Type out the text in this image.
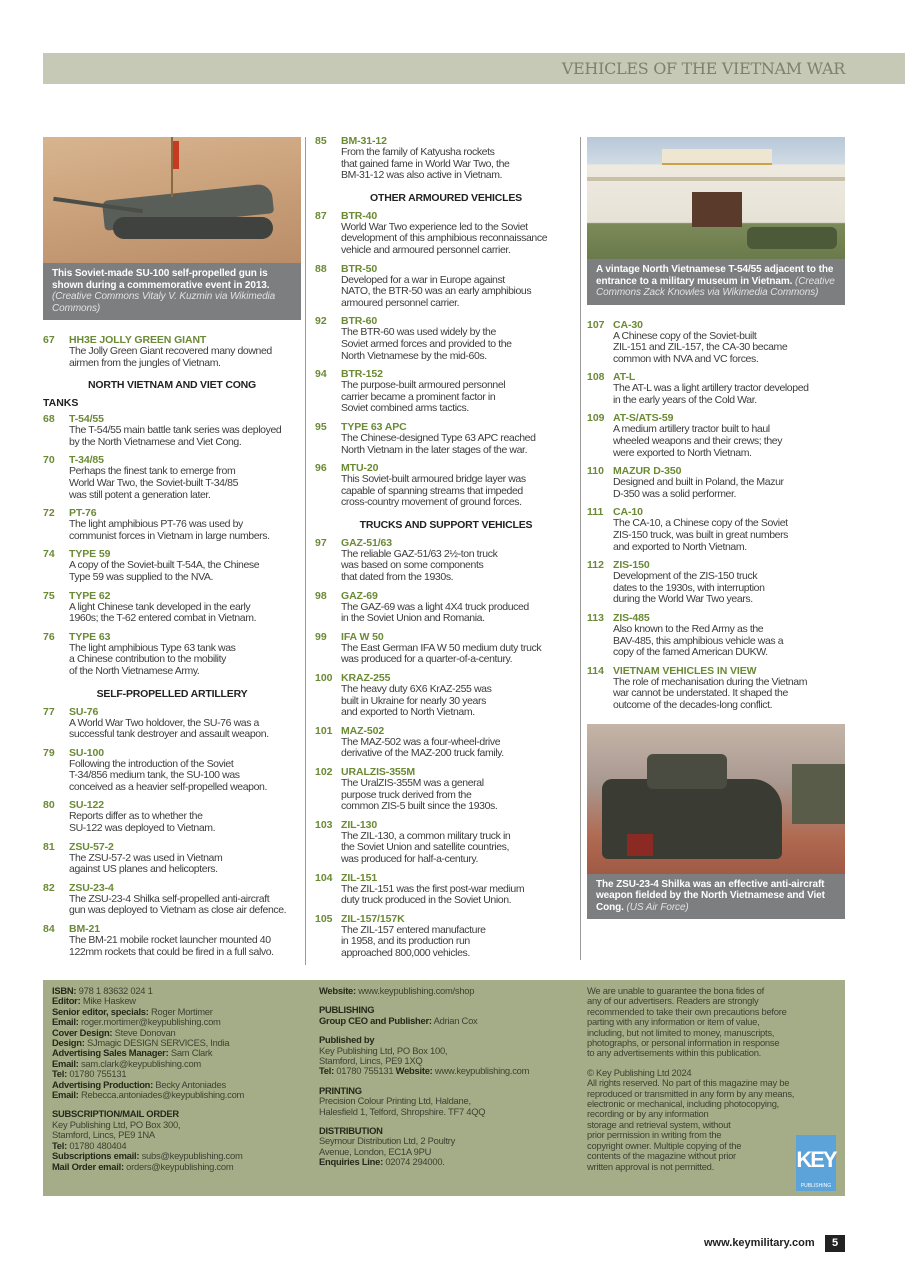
VEHICLES OF THE VIETNAM WAR
This Soviet-made SU-100 self-propelled gun is shown during a commemorative event in 2013. (Creative Commons Vitaly V. Kuzmin via Wikimedia Commons)
67 HH3E JOLLY GREEN GIANT
The Jolly Green Giant recovered many downed
airmen from the jungles of Vietnam.
NORTH VIETNAM AND VIET CONG
TANKS
68 T-54/55
The T-54/55 main battle tank series was deployed
by the North Vietnamese and Viet Cong.
70 T-34/85
Perhaps the finest tank to emerge from
World War Two, the Soviet-built T-34/85
was still potent a generation later.
72 PT-76
The light amphibious PT-76 was used by
communist forces in Vietnam in large numbers.
74 TYPE 59
A copy of the Soviet-built T-54A, the Chinese
Type 59 was supplied to the NVA.
75 TYPE 62
A light Chinese tank developed in the early
1960s; the T-62 entered combat in Vietnam.
76 TYPE 63
The light amphibious Type 63 tank was
a Chinese contribution to the mobility
of the North Vietnamese Army.
SELF-PROPELLED ARTILLERY
77 SU-76
A World War Two holdover, the SU-76 was a
successful tank destroyer and assault weapon.
79 SU-100
Following the introduction of the Soviet
T-34/856 medium tank, the SU-100 was
conceived as a heavier self-propelled weapon.
80 SU-122
Reports differ as to whether the
SU-122 was deployed to Vietnam.
81 ZSU-57-2
The ZSU-57-2 was used in Vietnam
against US planes and helicopters.
82 ZSU-23-4
The ZSU-23-4 Shilka self-propelled anti-aircraft
gun was deployed to Vietnam as close air defence.
84 BM-21
The BM-21 mobile rocket launcher mounted 40
122mm rockets that could be fired in a full salvo.
85 BM-31-12
From the family of Katyusha rockets
that gained fame in World War Two, the
BM-31-12 was also active in Vietnam.
OTHER ARMOURED VEHICLES
87 BTR-40
World War Two experience led to the Soviet
development of this amphibious reconnaissance
vehicle and armoured personnel carrier.
88 BTR-50
Developed for a war in Europe against
NATO, the BTR-50 was an early amphibious
armoured personnel carrier.
92 BTR-60
The BTR-60 was used widely by the
Soviet armed forces and provided to the
North Vietnamese by the mid-60s.
94 BTR-152
The purpose-built armoured personnel
carrier became a prominent factor in
Soviet combined arms tactics.
95 TYPE 63 APC
The Chinese-designed Type 63 APC reached
North Vietnam in the later stages of the war.
96 MTU-20
This Soviet-built armoured bridge layer was
capable of spanning streams that impeded
cross-country movement of ground forces.
TRUCKS AND SUPPORT VEHICLES
97 GAZ-51/63
The reliable GAZ-51/63 2½-ton truck
was based on some components
that dated from the 1930s.
98 GAZ-69
The GAZ-69 was a light 4X4 truck produced
in the Soviet Union and Romania.
99 IFA W 50
The East German IFA W 50 medium duty truck
was produced for a quarter-of-a-century.
100 KRAZ-255
The heavy duty 6X6 KrAZ-255 was
built in Ukraine for nearly 30 years
and exported to North Vietnam.
101 MAZ-502
The MAZ-502 was a four-wheel-drive
derivative of the MAZ-200 truck family.
102 URALZIS-355M
The UralZIS-355M was a general
purpose truck derived from the
common ZIS-5 built since the 1930s.
103 ZIL-130
The ZIL-130, a common military truck in
the Soviet Union and satellite countries,
was produced for half-a-century.
104 ZIL-151
The ZIL-151 was the first post-war medium
duty truck produced in the Soviet Union.
105 ZIL-157/157K
The ZIL-157 entered manufacture
in 1958, and its production run
approached 800,000 vehicles.
A vintage North Vietnamese T-54/55 adjacent to the entrance to a military museum in Vietnam. (Creative Commons Zack Knowles via Wikimedia Commons)
107 CA-30
A Chinese copy of the Soviet-built
ZIL-151 and ZIL-157, the CA-30 became
common with NVA and VC forces.
108 AT-L
The AT-L was a light artillery tractor developed
in the early years of the Cold War.
109 AT-S/ATS-59
A medium artillery tractor built to haul
wheeled weapons and their crews; they
were exported to North Vietnam.
110 MAZUR D-350
Designed and built in Poland, the Mazur
D-350 was a solid performer.
111 CA-10
The CA-10, a Chinese copy of the Soviet
ZIS-150 truck, was built in great numbers
and exported to North Vietnam.
112 ZIS-150
Development of the ZIS-150 truck
dates to the 1930s, with interruption
during the World War Two years.
113 ZIS-485
Also known to the Red Army as the
BAV-485, this amphibious vehicle was a
copy of the famed American DUKW.
114 VIETNAM VEHICLES IN VIEW
The role of mechanisation during the Vietnam
war cannot be understated. It shaped the
outcome of the decades-long conflict.
The ZSU-23-4 Shilka was an effective anti-aircraft weapon fielded by the North Vietnamese and Viet Cong. (US Air Force)
ISBN: 978 1 83632 024 1
Editor: Mike Haskew
Senior editor, specials: Roger Mortimer
Email: roger.mortimer@keypublishing.com
Cover Design: Steve Donovan
Design: SJmagic DESIGN SERVICES, India
Advertising Sales Manager: Sam Clark
Email: sam.clark@keypublishing.com
Tel: 01780 755131
Advertising Production: Becky Antoniades
Email: Rebecca.antoniades@keypublishing.com
SUBSCRIPTION/MAIL ORDER
Key Publishing Ltd, PO Box 300,
Stamford, Lincs, PE9 1NA
Tel: 01780 480404
Subscriptions email: subs@keypublishing.com
Mail Order email: orders@keypublishing.com
Website: www.keypublishing.com/shop
PUBLISHING
Group CEO and Publisher: Adrian Cox
Published by
Key Publishing Ltd, PO Box 100,
Stamford, Lincs, PE9 1XQ
Tel: 01780 755131 Website: www.keypublishing.com
PRINTING
Precision Colour Printing Ltd, Haldane,
Halesfield 1, Telford, Shropshire. TF7 4QQ
DISTRIBUTION
Seymour Distribution Ltd, 2 Poultry
Avenue, London, EC1A 9PU
Enquiries Line: 02074 294000.
We are unable to guarantee the bona fides of
any of our advertisers. Readers are strongly
recommended to take their own precautions before
parting with any information or item of value,
including, but not limited to money, manuscripts,
photographs, or personal information in response
to any advertisements within this publication.
© Key Publishing Ltd 2024
All rights reserved. No part of this magazine may be
reproduced or transmitted in any form by any means,
electronic or mechanical, including photocopying,
recording or by any information
storage and retrieval system, without
prior permission in writing from the
copyright owner. Multiple copying of the
contents of the magazine without prior
written approval is not permitted.	KEY
PUBLISHING
www.keymilitary.com	5
